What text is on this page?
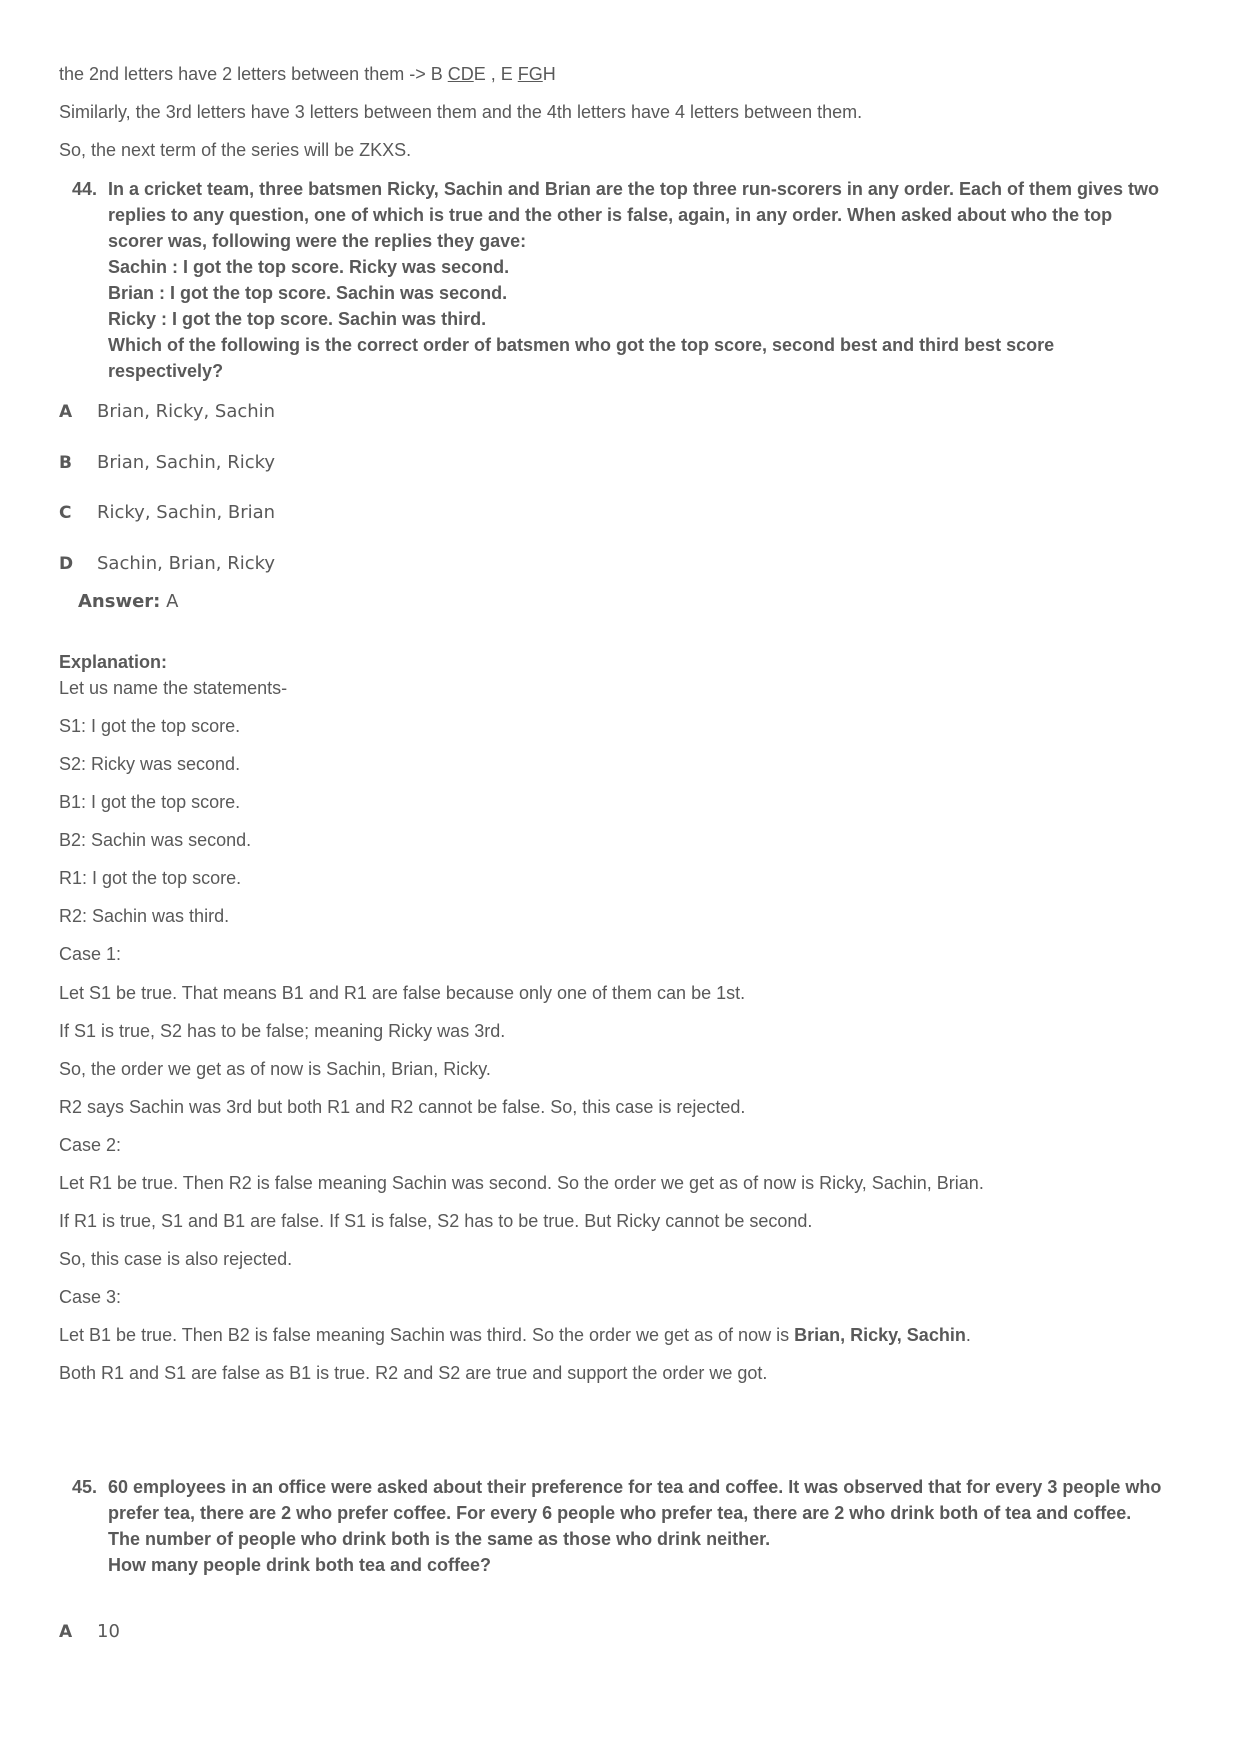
the 2nd letters have 2 letters between them -> B CDE , E FGH
Similarly, the 3rd letters have 3 letters between them and the 4th letters have 4 letters between them.
So, the next term of the series will be ZKXS.
44. In a cricket team, three batsmen Ricky, Sachin and Brian are the top three run-scorers in any order. Each of them gives two replies to any question, one of which is true and the other is false, again, in any order. When asked about who the top scorer was, following were the replies they gave:
Sachin : I got the top score. Ricky was second.
Brian : I got the top score. Sachin was second.
Ricky : I got the top score. Sachin was third.
Which of the following is the correct order of batsmen who got the top score, second best and third best score respectively?
A Brian, Ricky, Sachin
B Brian, Sachin, Ricky
C Ricky, Sachin, Brian
D Sachin, Brian, Ricky
Answer: A
Explanation:
Let us name the statements-
S1: I got the top score.
S2: Ricky was second.
B1: I got the top score.
B2: Sachin was second.
R1: I got the top score.
R2: Sachin was third.
Case 1:
Let S1 be true. That means B1 and R1 are false because only one of them can be 1st.
If S1 is true, S2 has to be false; meaning Ricky was 3rd.
So, the order we get as of now is Sachin, Brian, Ricky.
R2 says Sachin was 3rd but both R1 and R2 cannot be false. So, this case is rejected.
Case 2:
Let R1 be true. Then R2 is false meaning Sachin was second. So the order we get as of now is Ricky, Sachin, Brian.
If R1 is true, S1 and B1 are false. If S1 is false, S2 has to be true. But Ricky cannot be second.
So, this case is also rejected.
Case 3:
Let B1 be true. Then B2 is false meaning Sachin was third. So the order we get as of now is Brian, Ricky, Sachin.
Both R1 and S1 are false as B1 is true. R2 and S2 are true and support the order we got.
45. 60 employees in an office were asked about their preference for tea and coffee. It was observed that for every 3 people who prefer tea, there are 2 who prefer coffee. For every 6 people who prefer tea, there are 2 who drink both of tea and coffee. The number of people who drink both is the same as those who drink neither.
How many people drink both tea and coffee?
A 10
